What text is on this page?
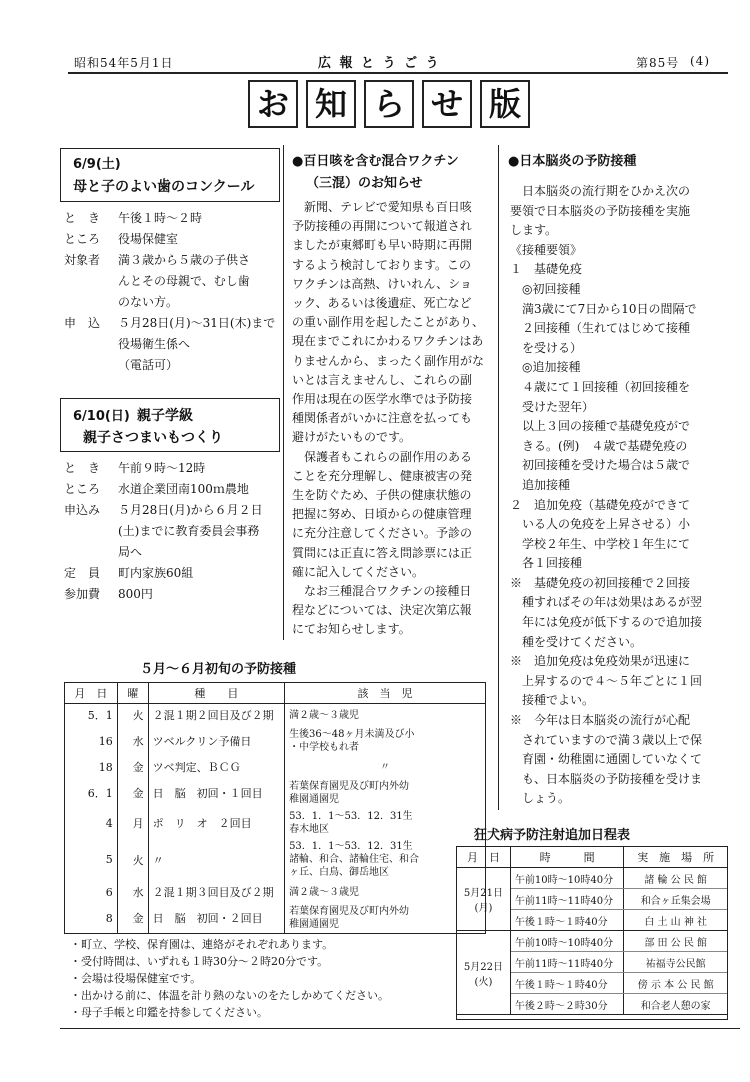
昭和54年5月1日	広 報 と う ご う	第85号 (4)
お 知 ら せ 版
6/9(土)
母と子のよい歯のコンクール
と　き 午後１時～２時
ところ 役場保健室
対象者 満３歳から５歳の子供さ
んとその母親で、むし歯
のない方。
申　込 ５月28日(月)～31日(木)まで
役場衛生係へ
（電話可）
6/10(日) 親子学級
親子さつまいもつくり
と　き 午前９時～12時
ところ 水道企業団南100ｍ農地
申込み ５月28日(月)から６月２日
(土)までに教育委員会事務
局へ
定　員 町内家族60組
参加費 800円
●百日咳を含む混合ワクチン
（三混）のお知らせ
　新聞、テレビで愛知県も百日咳
予防接種の再開について報道され
ましたが東郷町も早い時期に再開
するよう検討しております。この
ワクチンは高熱、けいれん、ショ
ック、あるいは後遺症、死亡など
の重い副作用を起したことがあり、
現在までこれにかわるワクチンはあ
りませんから、まったく副作用がな
いとは言えませんし、これらの副
作用は現在の医学水準では予防接
種関係者がいかに注意を払っても
避けがたいものです。
　保護者もこれらの副作用のある
ことを充分理解し、健康被害の発
生を防ぐため、子供の健康状態の
把握に努め、日頃からの健康管理
に充分注意してください。予診の
質問には正直に答え問診票には正
確に記入してください。
　なお三種混合ワクチンの接種日
程などについては、決定次第広報
にてお知らせします。
●日本脳炎の予防接種
　日本脳炎の流行期をひかえ次の
要領で日本脳炎の予防接種を実施
します。
《接種要領》
１　基礎免疫
　◎初回接種
　満3歳にて7日から10日の間隔で
　２回接種（生れてはじめて接種
　を受ける）
　◎追加接種
　４歳にて１回接種（初回接種を
　受けた翌年）
　以上３回の接種で基礎免疫がで
　きる。(例)　４歳で基礎免疫の
　初回接種を受けた場合は５歳で
　追加接種
２　追加免疫（基礎免疫ができて
　いる人の免疫を上昇させる）小
　学校２年生、中学校１年生にて
　各１回接種
※　基礎免疫の初回接種で２回接
　種すればその年は効果はあるが翌
　年には免疫が低下するので追加接
　種を受けてください。
※　追加免疫は免疫効果が迅速に
　上昇するので４～５年ごとに１回
　接種でよい。
※　今年は日本脳炎の流行が心配
　されていますので満３歳以上で保
　育園・幼稚園に通園していなくて
　も、日本脳炎の予防接種を受けま
　しょう。
５月～６月初旬の予防接種
月　日	曜	種　　目	該　当　児
5．1	火	２混１期２回目及び２期	満２歳～３歳児

16	水	ツベルクリン予備日	生後36～48ヶ月未満及び小
・中学校もれ者

18	金	ツベ判定、ＢＣＧ	〃

6．1	金	日　脳　初回・１回目	若葉保育園児及び町内外幼
稚園通園児

4	月	ポ　リ　オ　２回目	53．1．1～53．12．31生
春木地区

5	火	〃	53．1．1～53．12．31生
諸輪、和合、諸輪住宅、和合
ヶ丘、白鳥、御岳地区

6	水	２混１期３回目及び２期	満２歳～３歳児

8	金	日　脳　初回・２回目	若葉保育園児及び町内外幼
稚園通園児
・町立、学校、保育園は、連絡がそれぞれあります。
・受付時間は、いずれも１時30分～２時20分です。
・会場は役場保健室です。
・出かける前に、体温を計り熱のないのをたしかめてください。
・母子手帳と印鑑を持参してください。
狂犬病予防注射追加日程表
月　日	時　　　間	実　施　場　所

5月21日
(月)	午前10時～10時40分	諸 輪 公 民 館
	午前11時～11時40分	和合ヶ丘集会場
	午後１時～１時40分	白 土 山 神 社

5月22日
(火)	午前10時～10時40分	部 田 公 民 館
	午前11時～11時40分	祐福寺公民館
	午後１時～１時40分	傍 示 本 公 民 館
	午後２時～２時30分	和合老人憩の家
